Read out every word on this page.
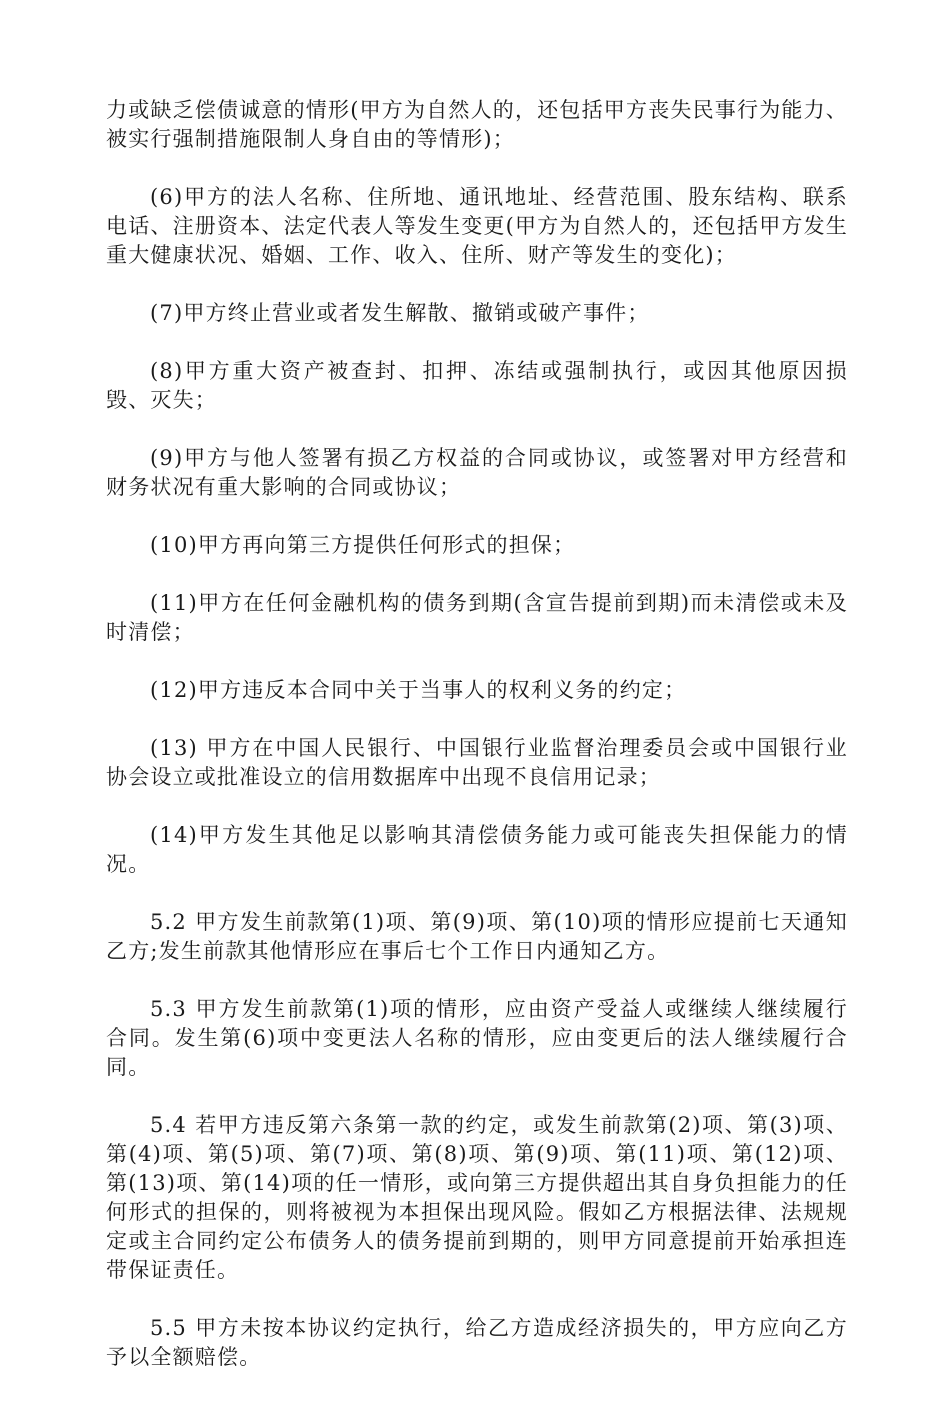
力或缺乏偿债诚意的情形(甲方为自然人的，还包括甲方丧失民事行为能力、被实行强制措施限制人身自由的等情形)；

(6)甲方的法人名称、住所地、通讯地址、经营范围、股东结构、联系电话、注册资本、法定代表人等发生变更(甲方为自然人的，还包括甲方发生重大健康状况、婚姻、工作、收入、住所、财产等发生的变化)；

(7)甲方终止营业或者发生解散、撤销或破产事件；

(8)甲方重大资产被查封、扣押、冻结或强制执行，或因其他原因损毁、灭失；

(9)甲方与他人签署有损乙方权益的合同或协议，或签署对甲方经营和财务状况有重大影响的合同或协议；

(10)甲方再向第三方提供任何形式的担保；

(11)甲方在任何金融机构的债务到期(含宣告提前到期)而未清偿或未及时清偿；

(12)甲方违反本合同中关于当事人的权利义务的约定；

(13) 甲方在中国人民银行、中国银行业监督治理委员会或中国银行业协会设立或批准设立的信用数据库中出现不良信用记录；

(14)甲方发生其他足以影响其清偿债务能力或可能丧失担保能力的情况。

5.2 甲方发生前款第(1)项、第(9)项、第(10)项的情形应提前七天通知乙方;发生前款其他情形应在事后七个工作日内通知乙方。

5.3 甲方发生前款第(1)项的情形，应由资产受益人或继续人继续履行合同。发生第(6)项中变更法人名称的情形，应由变更后的法人继续履行合同。

5.4 若甲方违反第六条第一款的约定，或发生前款第(2)项、第(3)项、第(4)项、第(5)项、第(7)项、第(8)项、第(9)项、第(11)项、第(12)项、第(13)项、第(14)项的任一情形，或向第三方提供超出其自身负担能力的任何形式的担保的，则将被视为本担保出现风险。假如乙方根据法律、法规规定或主合同约定公布债务人的债务提前到期的，则甲方同意提前开始承担连带保证责任。

5.5 甲方未按本协议约定执行，给乙方造成经济损失的，甲方应向乙方予以全额赔偿。
